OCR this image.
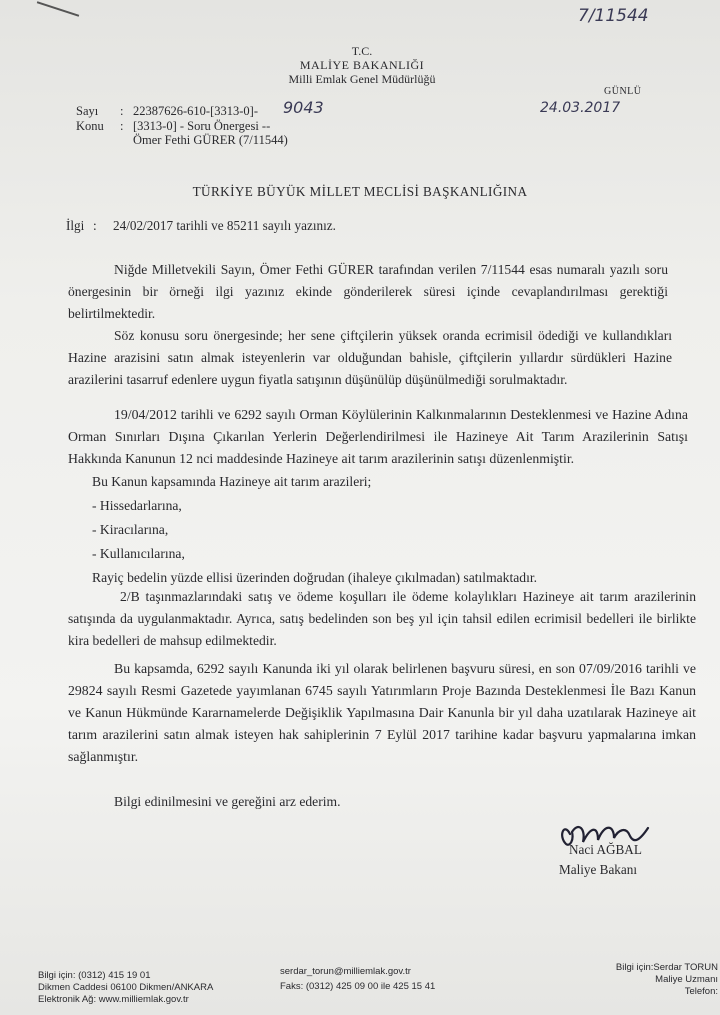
7/11544
T.C.
MALİYE BAKANLIĞI
Milli Emlak Genel Müdürlüğü
GÜNLÜ
24.03.2017
Sayı : 22387626-610-[3313-0]- 9043
Konu : [3313-0] - Soru Önergesi --
Ömer Fethi GÜRER (7/11544)
TÜRKİYE BÜYÜK MİLLET MECLİSİ BAŞKANLIĞINA
İlgi : 24/02/2017 tarihli ve 85211 sayılı yazınız.
Niğde Milletvekili Sayın, Ömer Fethi GÜRER tarafından verilen 7/11544 esas numaralı yazılı soru önergesinin bir örneği ilgi yazınız ekinde gönderilerek süresi içinde cevaplandırılması gerektiği belirtilmektedir.
Söz konusu soru önergesinde; her sene çiftçilerin yüksek oranda ecrimisil ödediği ve kullandıkları Hazine arazisini satın almak isteyenlerin var olduğundan bahisle, çiftçilerin yıllardır sürdükleri Hazine arazilerini tasarruf edenlere uygun fiyatla satışının düşünülüp düşünülmediği sorulmaktadır.
19/04/2012 tarihli ve 6292 sayılı Orman Köylülerinin Kalkınmalarının Desteklenmesi ve Hazine Adına Orman Sınırları Dışına Çıkarılan Yerlerin Değerlendirilmesi ile Hazineye Ait Tarım Arazilerinin Satışı Hakkında Kanunun 12 nci maddesinde Hazineye ait tarım arazilerinin satışı düzenlenmiştir.

Bu Kanun kapsamında Hazineye ait tarım arazileri;

- Hissedarlarına,

- Kiracılarına,

- Kullanıcılarına,

Rayiç bedelin yüzde ellisi üzerinden doğrudan (ihaleye çıkılmadan) satılmaktadır.

2/B taşınmazlarındaki satış ve ödeme koşulları ile ödeme kolaylıkları Hazineye ait tarım arazilerinin satışında da uygulanmaktadır. Ayrıca, satış bedelinden son beş yıl için tahsil edilen ecrimisil bedelleri ile birlikte kira bedelleri de mahsup edilmektedir.
Bu kapsamda, 6292 sayılı Kanunda iki yıl olarak belirlenen başvuru süresi, en son 07/09/2016 tarihli ve 29824 sayılı Resmi Gazetede yayımlanan 6745 sayılı Yatırımların Proje Bazında Desteklenmesi İle Bazı Kanun ve Kanun Hükmünde Kararnamelerde Değişiklik Yapılmasına Dair Kanunla bir yıl daha uzatılarak Hazineye ait tarım arazilerini satın almak isteyen hak sahiplerinin 7 Eylül 2017 tarihine kadar başvuru yapmalarına imkan sağlanmıştır.
Bilgi edinilmesini ve gereğini arz ederim.
Naci AĞBAL
Maliye Bakanı
Bilgi için: (0312) 415 19 01
Dikmen Caddesi 06100 Dikmen/ANKARA
Elektronik Ağ: www.milliemlak.gov.tr
serdar_torun@milliemlak.gov.tr
Faks: (0312) 425 09 00 ile 425 15 41
Bilgi için:Serdar TORUN
Maliye Uzmanı
Telefon:
